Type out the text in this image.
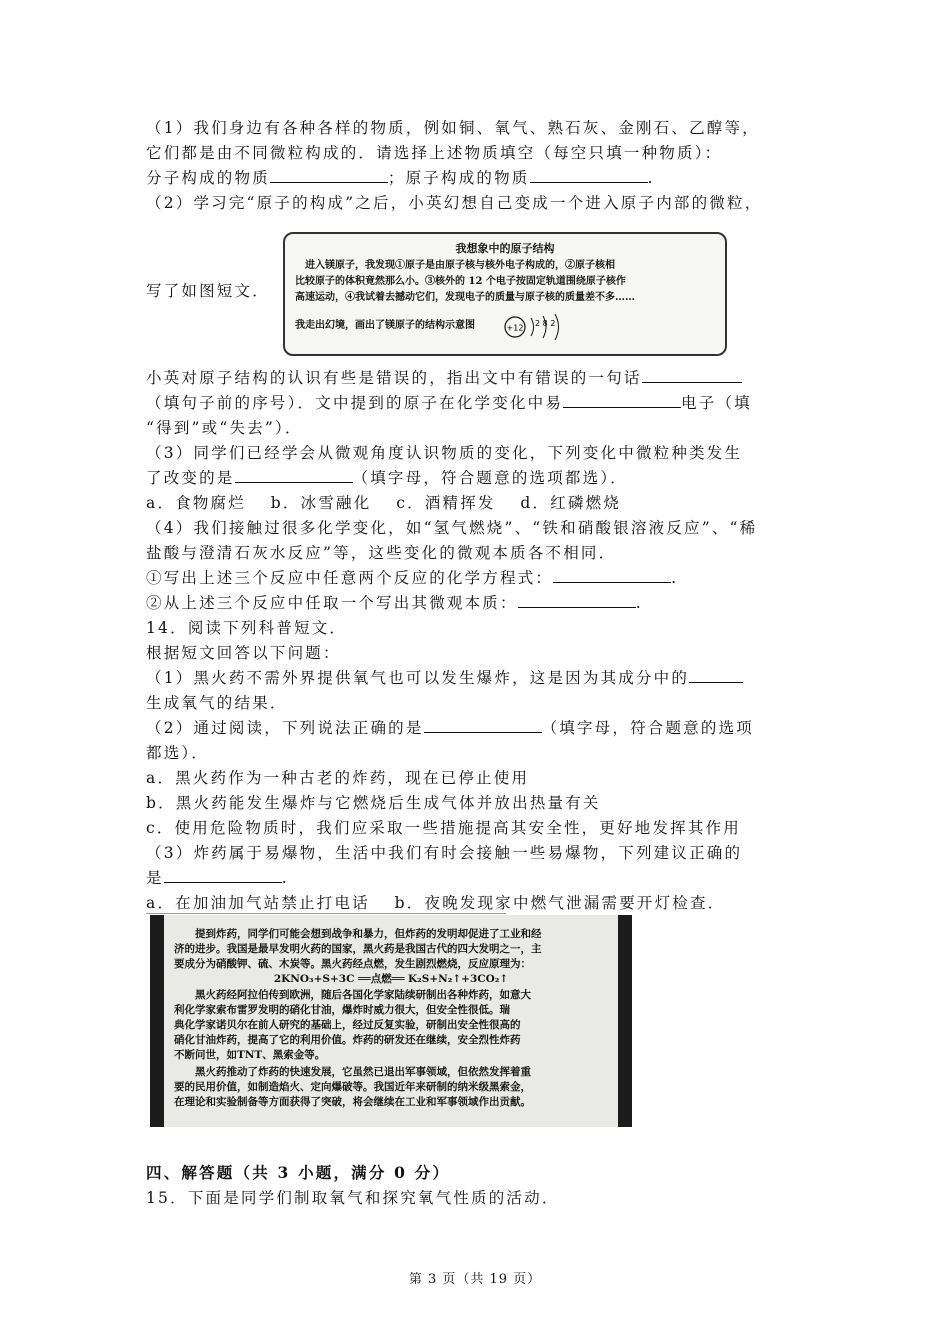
（1）我们身边有各种各样的物质，例如铜、氧气、熟石灰、金刚石、乙醇等，
它们都是由不同微粒构成的．请选择上述物质填空（每空只填一种物质）：
分子构成的物质	；原子构成的物质	.
（2）学习完“原子的构成”之后，小英幻想自己变成一个进入原子内部的微粒，
写了如图短文．
我想象中的原子结构
　进入镁原子，我发现①原子是由原子核与核外电子构成的，②原子核相
比较原子的体积竟然那么小。③核外的 12 个电子按固定轨道围绕原子核作
高速运动，④我试着去撼动它们，发现电子的质量与原子核的质量差不多……
我走出幻境，画出了镁原子的结构示意图	+12 2 8 2
小英对原子结构的认识有些是错误的，指出文中有错误的一句话
（填句子前的序号）．文中提到的原子在化学变化中易	电子（填
“得到”或“失去”）．
（3）同学们已经学会从微观角度认识物质的变化，下列变化中微粒种类发生
了改变的是	（填字母，符合题意的选项都选）．
a．食物腐烂　 b．冰雪融化　 c．酒精挥发　 d．红磷燃烧
（4）我们接触过很多化学变化，如“氢气燃烧”、“铁和硝酸银溶液反应”、“稀
盐酸与澄清石灰水反应”等，这些变化的微观本质各不相同．
①写出上述三个反应中任意两个反应的化学方程式：	.
②从上述三个反应中任取一个写出其微观本质：	.
14．阅读下列科普短文．
根据短文回答以下问题：
（1）黑火药不需外界提供氧气也可以发生爆炸，这是因为其成分中的
生成氧气的结果．
（2）通过阅读，下列说法正确的是	（填字母，符合题意的选项
都选）．
a．黑火药作为一种古老的炸药，现在已停止使用
b．黑火药能发生爆炸与它燃烧后生成气体并放出热量有关
c．使用危险物质时，我们应采取一些措施提高其安全性，更好地发挥其作用
（3）炸药属于易爆物，生活中我们有时会接触一些易爆物，下列建议正确的
是	.
a．在加油加气站禁止打电话　 b．夜晚发现家中燃气泄漏需要开灯检查．
　　提到炸药，同学们可能会想到战争和暴力，但炸药的发明却促进了工业和经
济的进步。我国是最早发明火药的国家，黑火药是我国古代的四大发明之一，主
要成分为硝酸钾、硫、木炭等。黑火药经点燃，发生剧烈燃烧，反应原理为：
2KNO₃+S+3C ══点燃══ K₂S+N₂↑+3CO₂↑
　　黑火药经阿拉伯传到欧洲，随后各国化学家陆续研制出各种炸药，如意大
利化学家索布雷罗发明的硝化甘油，爆炸时威力很大，但安全性很低。瑞
典化学家诺贝尔在前人研究的基础上，经过反复实验，研制出安全性很高的
硝化甘油炸药，提高了它的利用价值。炸药的研发还在继续，安全烈性炸药
不断问世，如TNT、黑索金等。
　　黑火药推动了炸药的快速发展，它虽然已退出军事领域，但依然发挥着重
要的民用价值，如制造焰火、定向爆破等。我国近年来研制的纳米级黑索金，
在理论和实验制备等方面获得了突破，将会继续在工业和军事领域作出贡献。
四、解答题（共 3 小题，满分 0 分）
15．下面是同学们制取氧气和探究氧气性质的活动．
第 3 页（共 19 页）
